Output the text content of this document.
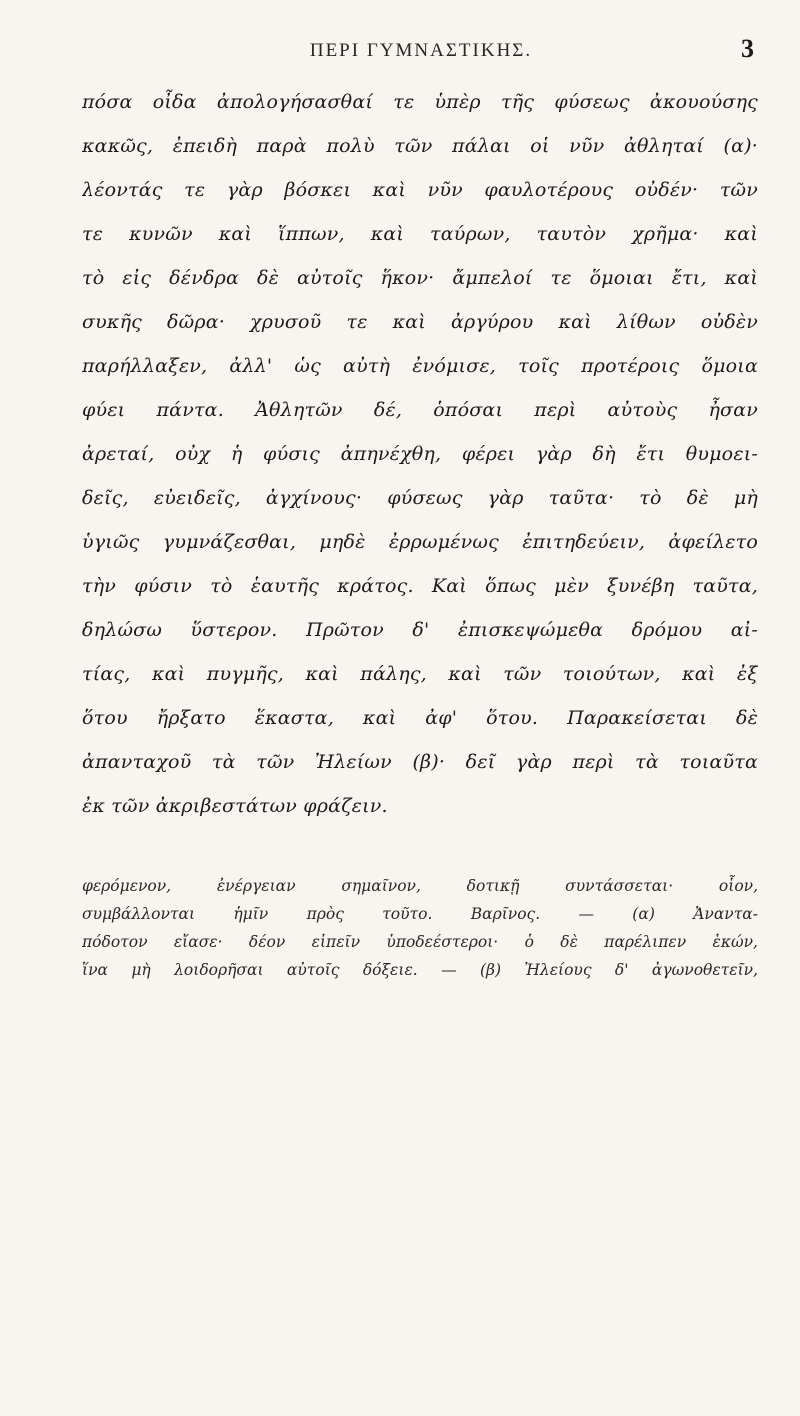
ΠΕΡΙ ΓΥΜΝΑΣΤΙΚΗΣ.	3
πόσα οἶδα ἀπολογήσασθαί τε ὑπὲρ τῆς φύσεως ἀκουούσης
κακῶς, ἐπειδὴ παρὰ πολὺ τῶν πάλαι οἱ νῦν ἀθληταί (α)·
λέοντάς τε γὰρ βόσκει καὶ νῦν φαυλοτέρους οὐδέν· τῶν
τε κυνῶν καὶ ἵππων, καὶ ταύρων, ταυτὸν χρῆμα· καὶ
τὸ εἰς δένδρα δὲ αὐτοῖς ἥκον· ἄμπελοί τε ὅμοιαι ἔτι, καὶ
συκῆς δῶρα· χρυσοῦ τε καὶ ἀργύρου καὶ λίθων οὐδὲν
παρήλλαξεν, ἀλλ' ὡς αὐτὴ ἐνόμισε, τοῖς προτέροις ὅμοια
φύει πάντα. Ἀθλητῶν δέ, ὁπόσαι περὶ αὐτοὺς ἦσαν
ἀρεταί, οὐχ ἡ φύσις ἀπηνέχθη, φέρει γὰρ δὴ ἔτι θυμοει-
δεῖς, εὐειδεῖς, ἀγχίνους· φύσεως γὰρ ταῦτα· τὸ δὲ μὴ
ὑγιῶς γυμνάζεσθαι, μηδὲ ἐρρωμένως ἐπιτηδεύειν, ἀφείλετο
τὴν φύσιν τὸ ἑαυτῆς κράτος. Καὶ ὅπως μὲν ξυνέβη ταῦτα,
δηλώσω ὕστερον. Πρῶτον δ' ἐπισκεψώμεθα δρόμου αἰ-
τίας, καὶ πυγμῆς, καὶ πάλης, καὶ τῶν τοιούτων, καὶ ἐξ
ὅτου ἤρξατο ἕκαστα, καὶ ἀφ' ὅτου. Παρακείσεται δὲ
ἀπανταχοῦ τὰ τῶν Ἠλείων (β)· δεῖ γὰρ περὶ τὰ τοιαῦτα
ἐκ τῶν ἀκριβεστάτων φράζειν.
φερόμενον, ἐνέργειαν σημαῖνον, δοτικῇ συντάσσεται· οἷον,
συμβάλλονται ἡμῖν πρὸς τοῦτο. Βαρῖνος. — (α) Ἀναντα-
πόδοτον εἴασε· δέον εἰπεῖν ὑποδεέστεροι· ὁ δὲ παρέλιπεν ἑκών,
ἵνα μὴ λοιδορῆσαι αὐτοῖς δόξειε. — (β) Ἠλείους δ' ἀγωνοθετεῖν,
